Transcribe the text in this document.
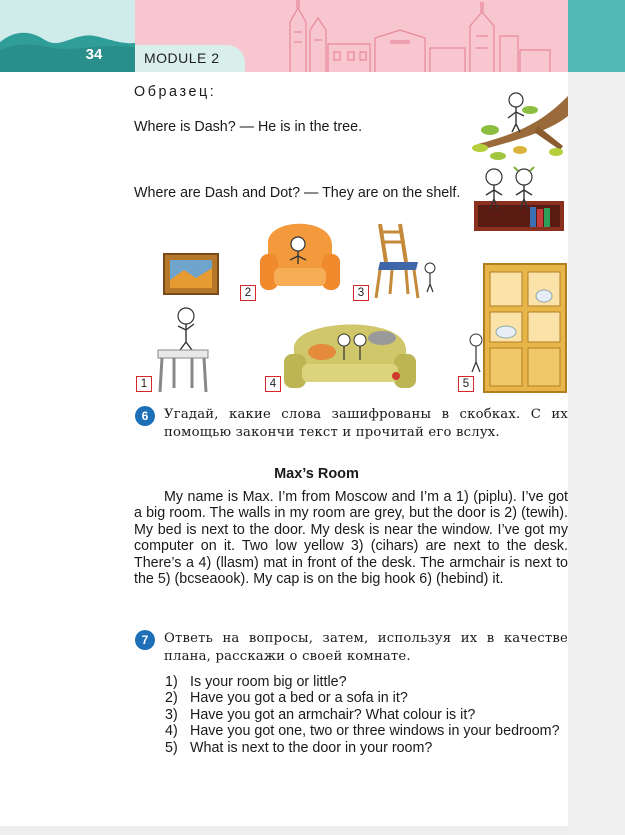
34	MODULE 2
Образец:
Where is Dash? — He is in the tree.
Where are Dash and Dot? — They are on the shelf.
1
2	3
4	5
6	Угадай, какие слова зашифрованы в скобках. С их помощью закончи текст и прочитай его вслух.
Max’s Room

My name is Max. I’m from Moscow and I’m a 1) (piplu). I’ve got a big room. The walls in my room are grey, but the door is 2) (tewih). My bed is next to the door. My desk is near the window. I’ve got my computer on it. Two low yellow 3) (cihars) are next to the desk. There’s a 4) (llasm) mat in front of the desk. The armchair is next to the 5) (bcseaook). My cap is on the big hook 6) (hebind) it.

7	Ответь на вопросы, затем, используя их в качестве плана, расскажи о своей комнате.
1) Is your room big or little?
2) Have you got a bed or a sofa in it?
3) Have you got an armchair? What colour is it?
4) Have you got one, two or three windows in your bedroom?
5) What is next to the door in your room?
